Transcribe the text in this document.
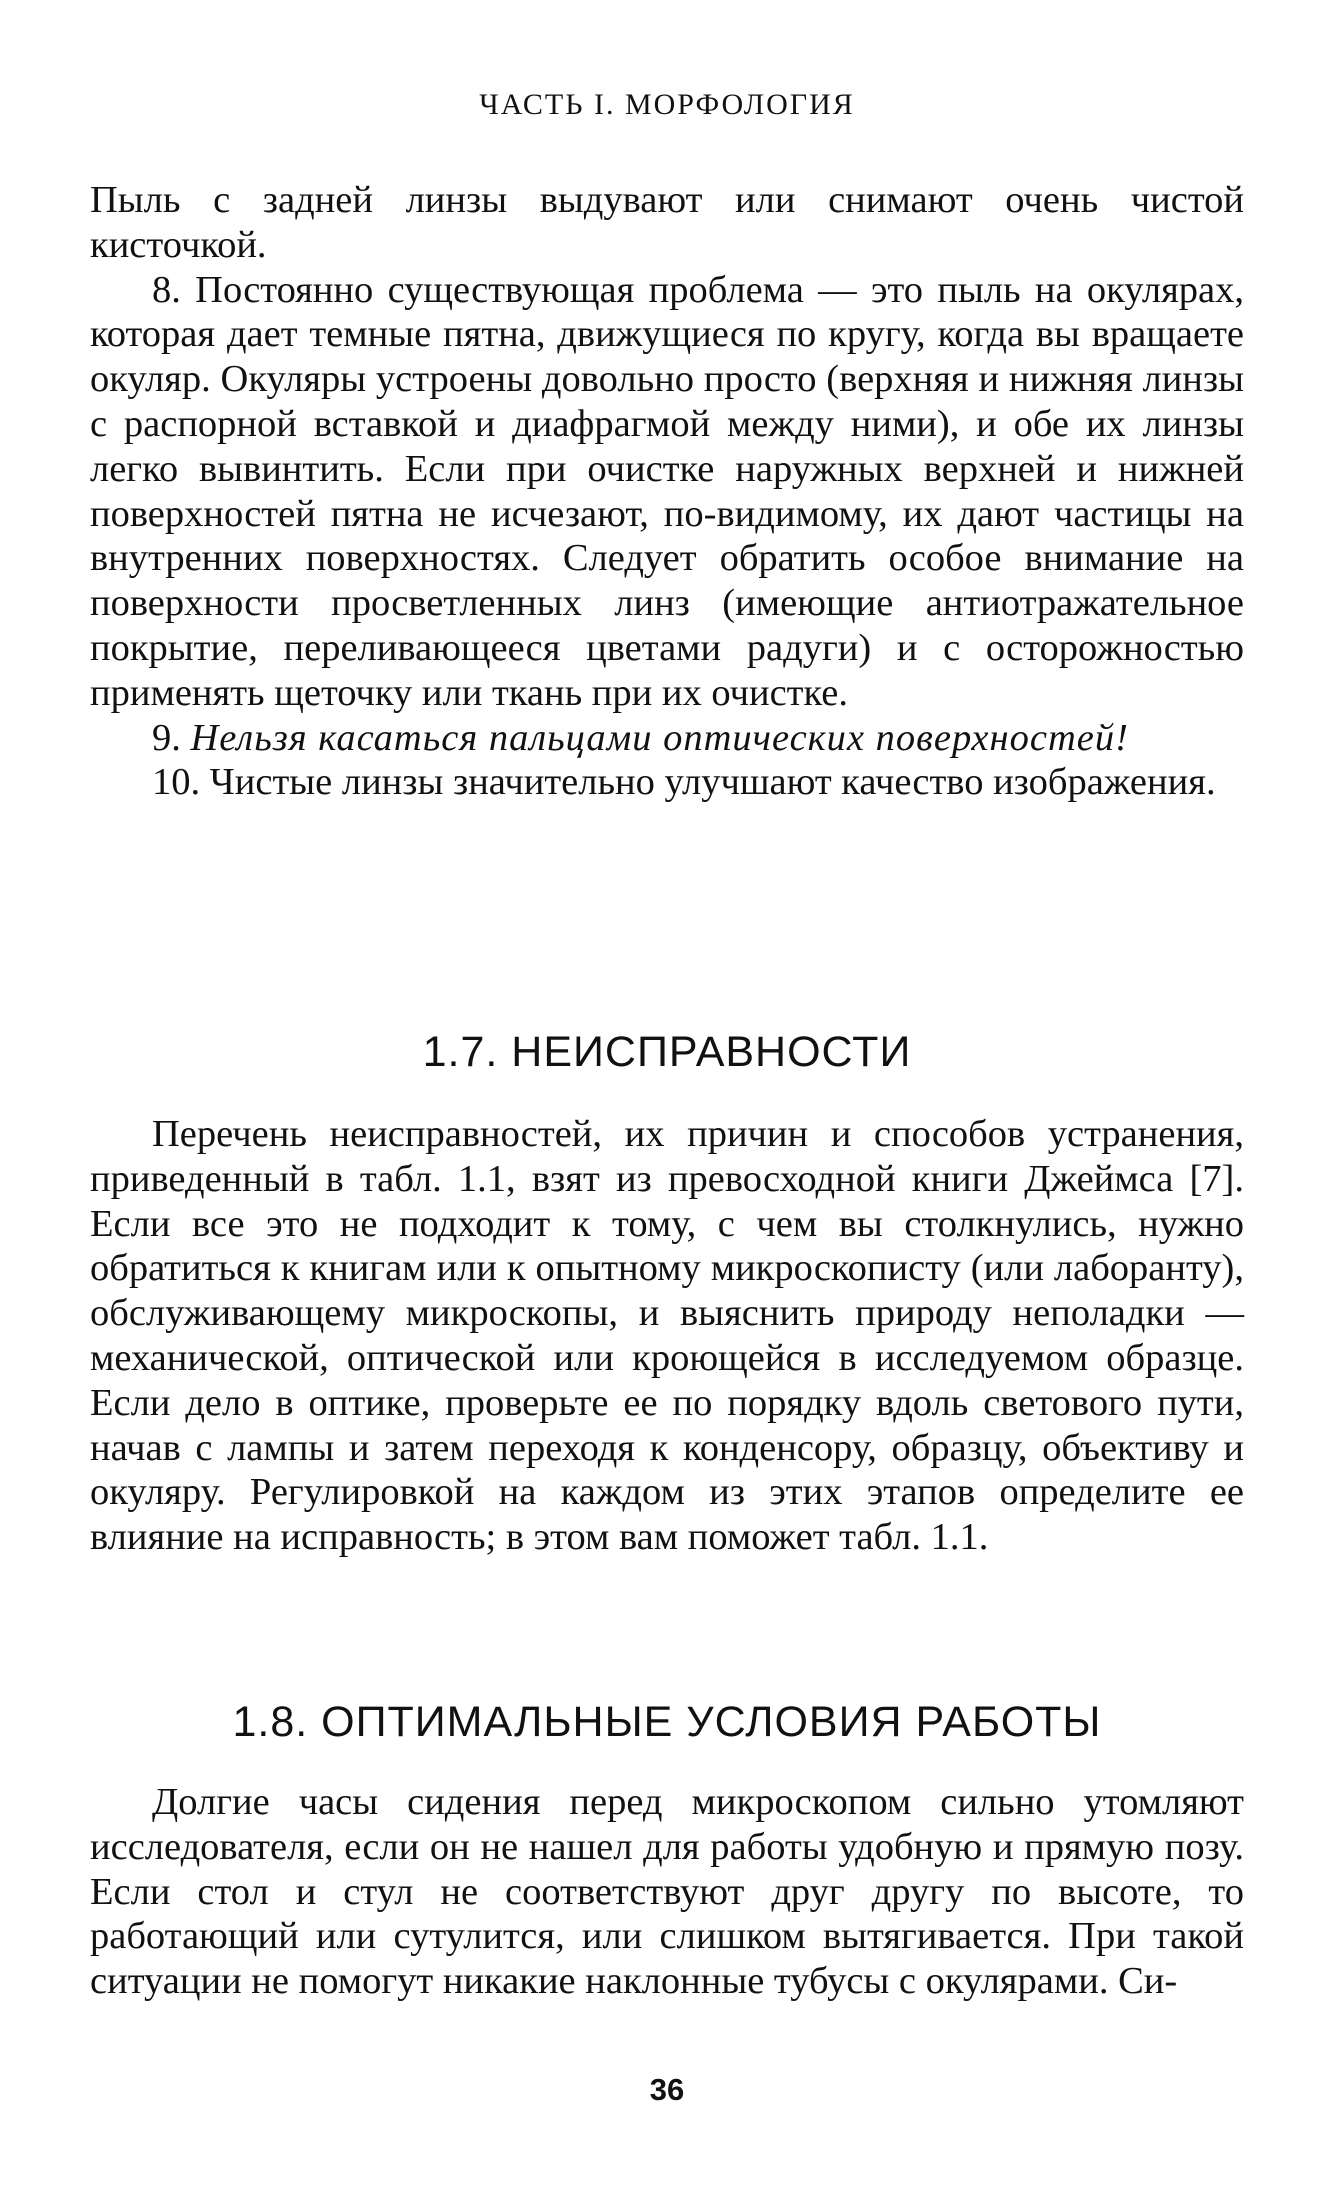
ЧАСТЬ I. МОРФОЛОГИЯ

Пыль с задней линзы выдувают или снимают очень чистой кисточкой.

8. Постоянно существующая проблема — это пыль на окулярах, которая дает темные пятна, движущиеся по кругу, когда вы вращаете окуляр. Окуляры устроены довольно просто (верхняя и нижняя линзы с распорной вставкой и диафрагмой между ними), и обе их линзы легко вывинтить. Если при очистке наружных верхней и нижней поверхностей пятна не исчезают, по-видимому, их дают частицы на внутренних поверхностях. Следует обратить особое внимание на поверхности просветленных линз (имеющие антиотражательное покрытие, переливающееся цветами радуги) и с осторожностью применять щеточку или ткань при их очистке.

9. Нельзя касаться пальцами оптических поверхностей!

10. Чистые линзы значительно улучшают качество изображения.

1.7. НЕИСПРАВНОСТИ

Перечень неисправностей, их причин и способов устранения, приведенный в табл. 1.1, взят из превосходной книги Джеймса [7]. Если все это не подходит к тому, с чем вы столкнулись, нужно обратиться к книгам или к опытному микроскописту (или лаборанту), обслуживающему микроскопы, и выяснить природу неполадки — механической, оптической или кроющейся в исследуемом образце. Если дело в оптике, проверьте ее по порядку вдоль светового пути, начав с лампы и затем переходя к конденсору, образцу, объективу и окуляру. Регулировкой на каждом из этих этапов определите ее влияние на исправность; в этом вам поможет табл. 1.1.

1.8. ОПТИМАЛЬНЫЕ УСЛОВИЯ РАБОТЫ

Долгие часы сидения перед микроскопом сильно утомляют исследователя, если он не нашел для работы удобную и прямую позу. Если стол и стул не соответствуют друг другу по высоте, то работающий или сутулится, или слишком вытягивается. При такой ситуации не помогут никакие наклонные тубусы с окулярами. Си-

36
